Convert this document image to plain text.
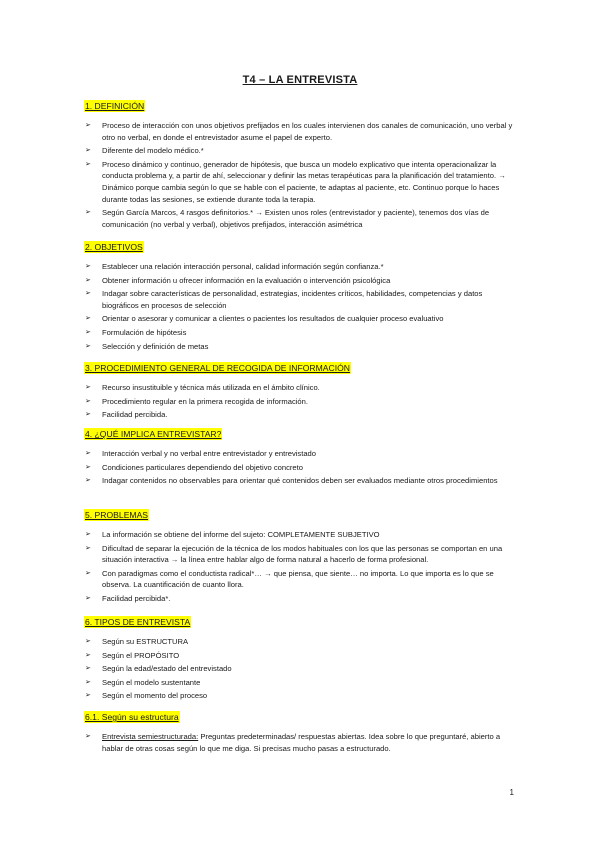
T4 – LA ENTREVISTA
1. DEFINICIÓN
➢ Proceso de interacción con unos objetivos prefijados en los cuales intervienen dos canales de comunicación, uno verbal y otro no verbal, en donde el entrevistador asume el papel de experto.
➢ Diferente del modelo médico.*
➢ Proceso dinámico y continuo, generador de hipótesis, que busca un modelo explicativo que intenta operacionalizar la conducta problema y, a partir de ahí, seleccionar y definir las metas terapéuticas para la planificación del tratamiento. → Dinámico porque cambia según lo que se hable con el paciente, te adaptas al paciente, etc. Continuo porque lo haces durante todas las sesiones, se extiende durante toda la terapia.
➢ Según García Marcos, 4 rasgos definitorios.* → Existen unos roles (entrevistador y paciente), tenemos dos vías de comunicación (no verbal y verbal), objetivos prefijados, interacción asimétrica
2. OBJETIVOS
➢ Establecer una relación interacción personal, calidad información según confianza.*
➢ Obtener información u ofrecer información en la evaluación o intervención psicológica
➢ Indagar sobre características de personalidad, estrategias, incidentes críticos, habilidades, competencias y datos biográficos en procesos de selección
➢ Orientar o asesorar y comunicar a clientes o pacientes los resultados de cualquier proceso evaluativo
➢ Formulación de hipótesis
➢ Selección y definición de metas
3. PROCEDIMIENTO GENERAL DE RECOGIDA DE INFORMACIÓN
➢ Recurso insustituible y técnica más utilizada en el ámbito clínico.
➢ Procedimiento regular en la primera recogida de información.
➢ Facilidad percibida.
4. ¿QUÉ IMPLICA ENTREVISTAR?
➢ Interacción verbal y no verbal entre entrevistador y entrevistado
➢ Condiciones particulares dependiendo del objetivo concreto
➢ Indagar contenidos no observables para orientar qué contenidos deben ser evaluados mediante otros procedimientos
5. PROBLEMAS
➢ La información se obtiene del informe del sujeto: COMPLETAMENTE SUBJETIVO
➢ Dificultad de separar la ejecución de la técnica de los modos habituales con los que las personas se comportan en una situación interactiva → la línea entre hablar algo de forma natural a hacerlo de forma profesional.
➢ Con paradigmas como el conductista radical*… → que piensa, que siente… no importa. Lo que importa es lo que se observa. La cuantificación de cuanto llora.
➢ Facilidad percibida*.
6. TIPOS DE ENTREVISTA
➢ Según su ESTRUCTURA
➢ Según el PROPÓSITO
➢ Según la edad/estado del entrevistado
➢ Según el modelo sustentante
➢ Según el momento del proceso
6.1. Según su estructura
➢ Entrevista semiestructurada: Preguntas predeterminadas/ respuestas abiertas. Idea sobre lo que preguntaré, abierto a hablar de otras cosas según lo que me diga. Si precisas mucho pasas a estructurado.
1
